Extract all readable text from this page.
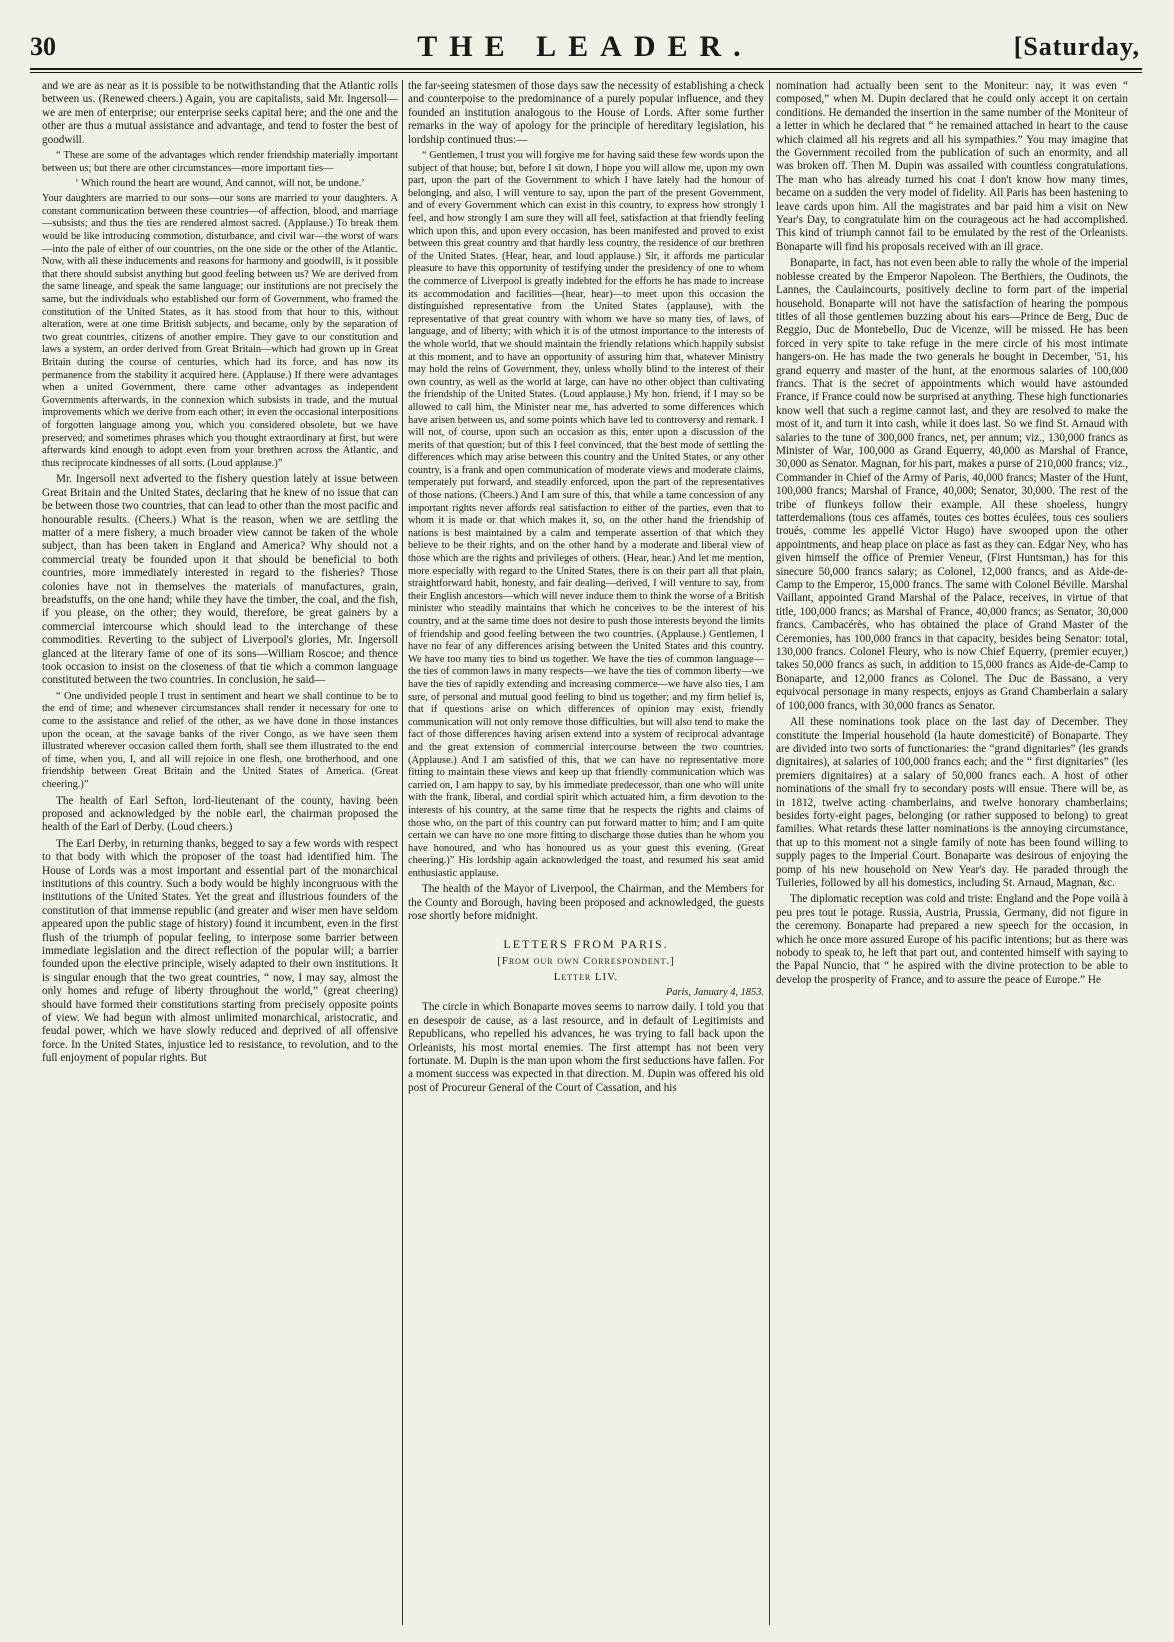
30	THE LEADER.	[Saturday,

and we are as near as it is possible to be notwithstanding that the Atlantic rolls between us. (Renewed cheers.) Again, you are capitalists, said Mr. Ingersoll—we are men of enterprise; our enterprise seeks capital here; and the one and the other are thus a mutual assistance and advantage, and tend to foster the best of goodwill.

“ These are some of the advantages which render friendship materially important between us; but there are other circumstances—more important ties—

‘ Which round the heart are wound, And cannot, will not, be undone.’

Your daughters are married to our sons—our sons are married to your daughters. A constant communication between these countries—of affection, blood, and marriage—subsists; and thus the ties are rendered almost sacred. (Applause.) To break them would be like introducing commotion, disturbance, and civil war—the worst of wars—into the pale of either of our countries, on the one side or the other of the Atlantic. Now, with all these inducements and reasons for harmony and goodwill, is it possible that there should subsist anything but good feeling between us? We are derived from the same lineage, and speak the same language; our institutions are not precisely the same, but the individuals who established our form of Government, who framed the constitution of the United States, as it has stood from that hour to this, without alteration, were at one time British subjects, and became, only by the separation of two great countries, citizens of another empire. They gave to our constitution and laws a system, an order derived from Great Britain—which had grown up in Great Britain during the course of centuries, which had its force, and has now its permanence from the stability it acquired here. (Applause.) If there were advantages when a united Government, there came other advantages as independent Governments afterwards, in the connexion which subsists in trade, and the mutual improvements which we derive from each other; in even the occasional interpositions of forgotten language among you, which you considered obsolete, but we have preserved; and sometimes phrases which you thought extraordinary at first, but were afterwards kind enough to adopt even from your brethren across the Atlantic, and thus reciprocate kindnesses of all sorts. (Loud applause.)”

Mr. Ingersoll next adverted to the fishery question lately at issue between Great Britain and the United States, declaring that he knew of no issue that can be between those two countries, that can lead to other than the most pacific and honourable results. (Cheers.) What is the reason, when we are settling the matter of a mere fishery, a much broader view cannot be taken of the whole subject, than has been taken in England and America? Why should not a commercial treaty be founded upon it that should be beneficial to both countries, more immediately interested in regard to the fisheries? Those colonies have not in themselves the materials of manufactures, grain, breadstuffs, on the one hand; while they have the timber, the coal, and the fish, if you please, on the other; they would, therefore, be great gainers by a commercial intercourse which should lead to the interchange of these commodities. Reverting to the subject of Liverpool's glories, Mr. Ingersoll glanced at the literary fame of one of its sons—William Roscoe; and thence took occasion to insist on the closeness of that tie which a common language constituted between the two countries. In conclusion, he said—

“ One undivided people I trust in sentiment and heart we shall continue to be to the end of time; and whenever circumstances shall render it necessary for one to come to the assistance and relief of the other, as we have done in those instances upon the ocean, at the savage banks of the river Congo, as we have seen them illustrated wherever occasion called them forth, shall see them illustrated to the end of time, when you, I, and all will rejoice in one flesh, one brotherhood, and one friendship between Great Britain and the United States of America. (Great cheering.)”

The health of Earl Sefton, lord-lieutenant of the county, having been proposed and acknowledged by the noble earl, the chairman proposed the health of the Earl of Derby. (Loud cheers.)

The Earl Derby, in returning thanks, begged to say a few words with respect to that body with which the proposer of the toast had identified him. The House of Lords was a most important and essential part of the monarchical institutions of this country. Such a body would be highly incongruous with the institutions of the United States. Yet the great and illustrious founders of the constitution of that immense republic (and greater and wiser men have seldom appeared upon the public stage of history) found it incumbent, even in the first flush of the triumph of popular feeling, to interpose some barrier between immediate legislation and the direct reflection of the popular will; a barrier founded upon the elective principle, wisely adapted to their own institutions. It is singular enough that the two great countries, “ now, I may say, almost the only homes and refuge of liberty throughout the world,” (great cheering) should have formed their constitutions starting from precisely opposite points of view. We had begun with almost unlimited monarchical, aristocratic, and feudal power, which we have slowly reduced and deprived of all offensive force. In the United States, injustice led to resistance, to revolution, and to the full enjoyment of popular rights. But

the far-seeing statesmen of those days saw the necessity of establishing a check and counterpoise to the predominance of a purely popular influence, and they founded an institution analogous to the House of Lords. After some further remarks in the way of apology for the principle of hereditary legislation, his lordship continued thus:—

“ Gentlemen, I trust you will forgive me for having said these few words upon the subject of that house; but, before I sit down, I hope you will allow me, upon my own part, upon the part of the Government to which I have lately had the honour of belonging, and also, I will venture to say, upon the part of the present Government, and of every Government which can exist in this country, to express how strongly I feel, and how strongly I am sure they will all feel, satisfaction at that friendly feeling which upon this, and upon every occasion, has been manifested and proved to exist between this great country and that hardly less country, the residence of our brethren of the United States. (Hear, hear, and loud applause.) Sir, it affords me particular pleasure to have this opportunity of testifying under the presidency of one to whom the commerce of Liverpool is greatly indebted for the efforts he has made to increase its accommodation and facilities—(hear, hear)—to meet upon this occasion the distinguished representative from the United States (applause), with the representative of that great country with whom we have so many ties, of laws, of language, and of liberty; with which it is of the utmost importance to the interests of the whole world, that we should maintain the friendly relations which happily subsist at this moment, and to have an opportunity of assuring him that, whatever Ministry may hold the reins of Government, they, unless wholly blind to the interest of their own country, as well as the world at large, can have no other object than cultivating the friendship of the United States. (Loud applause.) My hon. friend, if I may so be allowed to call him, the Minister near me, has adverted to some differences which have arisen between us, and some points which have led to controversy and remark. I will not, of course, upon such an occasion as this, enter upon a discussion of the merits of that question; but of this I feel convinced, that the best mode of settling the differences which may arise between this country and the United States, or any other country, is a frank and open communication of moderate views and moderate claims, temperately put forward, and steadily enforced, upon the part of the representatives of those nations. (Cheers.) And I am sure of this, that while a tame concession of any important rights never affords real satisfaction to either of the parties, even that to whom it is made or that which makes it, so, on the other hand the friendship of nations is best maintained by a calm and temperate assertion of that which they believe to be their rights, and on the other hand by a moderate and liberal view of those which are the rights and privileges of others. (Hear, hear.) And let me mention, more especially with regard to the United States, there is on their part all that plain, straightforward habit, honesty, and fair dealing—derived, I will venture to say, from their English ancestors—which will never induce them to think the worse of a British minister who steadily maintains that which he conceives to be the interest of his country, and at the same time does not desire to push those interests beyond the limits of friendship and good feeling between the two countries. (Applause.) Gentlemen, I have no fear of any differences arising between the United States and this country. We have too many ties to bind us together. We have the ties of common language—the ties of common laws in many respects—we have the ties of common liberty—we have the ties of rapidly extending and increasing commerce—we have also ties, I am sure, of personal and mutual good feeling to bind us together; and my firm belief is, that if questions arise on which differences of opinion may exist, friendly communication will not only remove those difficulties, but will also tend to make the fact of those differences having arisen extend into a system of reciprocal advantage and the great extension of commercial intercourse between the two countries. (Applause.) And I am satisfied of this, that we can have no representative more fitting to maintain these views and keep up that friendly communication which was carried on, I am happy to say, by his immediate predecessor, than one who will unite with the frank, liberal, and cordial spirit which actuated him, a firm devotion to the interests of his country, at the same time that he respects the rights and claims of those who, on the part of this country can put forward matter to him; and I am quite certain we can have no one more fitting to discharge those duties than he whom you have honoured, and who has honoured us as your guest this evening. (Great cheering.)” His lordship again acknowledged the toast, and resumed his seat amid enthusiastic applause.

The health of the Mayor of Liverpool, the Chairman, and the Members for the County and Borough, having been proposed and acknowledged, the guests rose shortly before midnight.

LETTERS FROM PARIS.

[From our own Correspondent.]

Letter LIV.

Paris, January 4, 1853.

The circle in which Bonaparte moves seems to narrow daily. I told you that en desespoir de cause, as a last resource, and in default of Legitimists and Republicans, who repelled his advances, he was trying to fall back upon the Orleanists, his most mortal enemies. The first attempt has not been very fortunate. M. Dupin is the man upon whom the first seductions have fallen. For a moment success was expected in that direction. M. Dupin was offered his old post of Procureur General of the Court of Cassation, and his

nomination had actually been sent to the Moniteur: nay, it was even “ composed,” when M. Dupin declared that he could only accept it on certain conditions. He demanded the insertion in the same number of the Moniteur of a letter in which he declared that “ he remained attached in heart to the cause which claimed all his regrets and all his sympathies.” You may imagine that the Government recoiled from the publication of such an enormity, and all was broken off. Then M. Dupin was assailed with countless congratulations. The man who has already turned his coat I don't know how many times, became on a sudden the very model of fidelity. All Paris has been hastening to leave cards upon him. All the magistrates and bar paid him a visit on New Year's Day, to congratulate him on the courageous act he had accomplished. This kind of triumph cannot fail to be emulated by the rest of the Orleanists. Bonaparte will find his proposals received with an ill grace.

Bonaparte, in fact, has not even been able to rally the whole of the imperial noblesse created by the Emperor Napoleon. The Berthiers, the Oudinots, the Lannes, the Caulaincourts, positively decline to form part of the imperial household. Bonaparte will not have the satisfaction of hearing the pompous titles of all those gentlemen buzzing about his ears—Prince de Berg, Duc de Reggio, Duc de Montebello, Duc de Vicenze, will be missed. He has been forced in very spite to take refuge in the mere circle of his most intimate hangers-on. He has made the two generals he bought in December, '51, his grand equerry and master of the hunt, at the enormous salaries of 100,000 francs. That is the secret of appointments which would have astounded France, if France could now be surprised at anything. These high functionaries know well that such a regime cannot last, and they are resolved to make the most of it, and turn it into cash, while it does last. So we find St. Arnaud with salaries to the tune of 300,000 francs, net, per annum; viz., 130,000 francs as Minister of War, 100,000 as Grand Equerry, 40,000 as Marshal of France, 30,000 as Senator. Magnan, for his part, makes a purse of 210,000 francs; viz., Commander in Chief of the Army of Paris, 40,000 francs; Master of the Hunt, 100,000 francs; Marshal of France, 40,000; Senator, 30,000. The rest of the tribe of flunkeys follow their example. All these shoeless, hungry tatterdemalions (tous ces affamés, toutes ces bottes éculées, tous ces souliers troués, comme les appellé Victor Hugo) have swooped upon the other appointments, and heap place on place as fast as they can. Edgar Ney, who has given himself the office of Premier Veneur, (First Huntsman,) has for this sinecure 50,000 francs salary; as Colonel, 12,000 francs, and as Aide-de-Camp to the Emperor, 15,000 francs. The same with Colonel Béville. Marshal Vaillant, appointed Grand Marshal of the Palace, receives, in virtue of that title, 100,000 francs; as Marshal of France, 40,000 francs; as Senator, 30,000 francs. Cambacérès, who has obtained the place of Grand Master of the Ceremonies, has 100,000 francs in that capacity, besides being Senator: total, 130,000 francs. Colonel Fleury, who is now Chief Equerry, (premier ecuyer,) takes 50,000 francs as such, in addition to 15,000 francs as Aide-de-Camp to Bonaparte, and 12,000 francs as Colonel. The Duc de Bassano, a very equivocal personage in many respects, enjoys as Grand Chamberlain a salary of 100,000 francs, with 30,000 francs as Senator.

All these nominations took place on the last day of December. They constitute the Imperial household (la haute domesticité) of Bonaparte. They are divided into two sorts of functionaries: the “grand dignitaries” (les grands dignitaires), at salaries of 100,000 francs each; and the “ first dignitaries” (les premiers dignitaires) at a salary of 50,000 francs each. A host of other nominations of the small fry to secondary posts will ensue. There will be, as in 1812, twelve acting chamberlains, and twelve honorary chamberlains; besides forty-eight pages, belonging (or rather supposed to belong) to great families. What retards these latter nominations is the annoying circumstance, that up to this moment not a single family of note has been found willing to supply pages to the Imperial Court. Bonaparte was desirous of enjoying the pomp of his new household on New Year's day. He paraded through the Tuileries, followed by all his domestics, including St. Arnaud, Magnan, &c.

The diplomatic reception was cold and triste: England and the Pope voilà à peu pres tout le potage. Russia, Austria, Prussia, Germany, did not figure in the ceremony. Bonaparte had prepared a new speech for the occasion, in which he once more assured Europe of his pacific intentions; but as there was nobody to speak to, he left that part out, and contented himself with saying to the Papal Nuncio, that “ he aspired with the divine protection to be able to develop the prosperity of France, and to assure the peace of Europe.” He
